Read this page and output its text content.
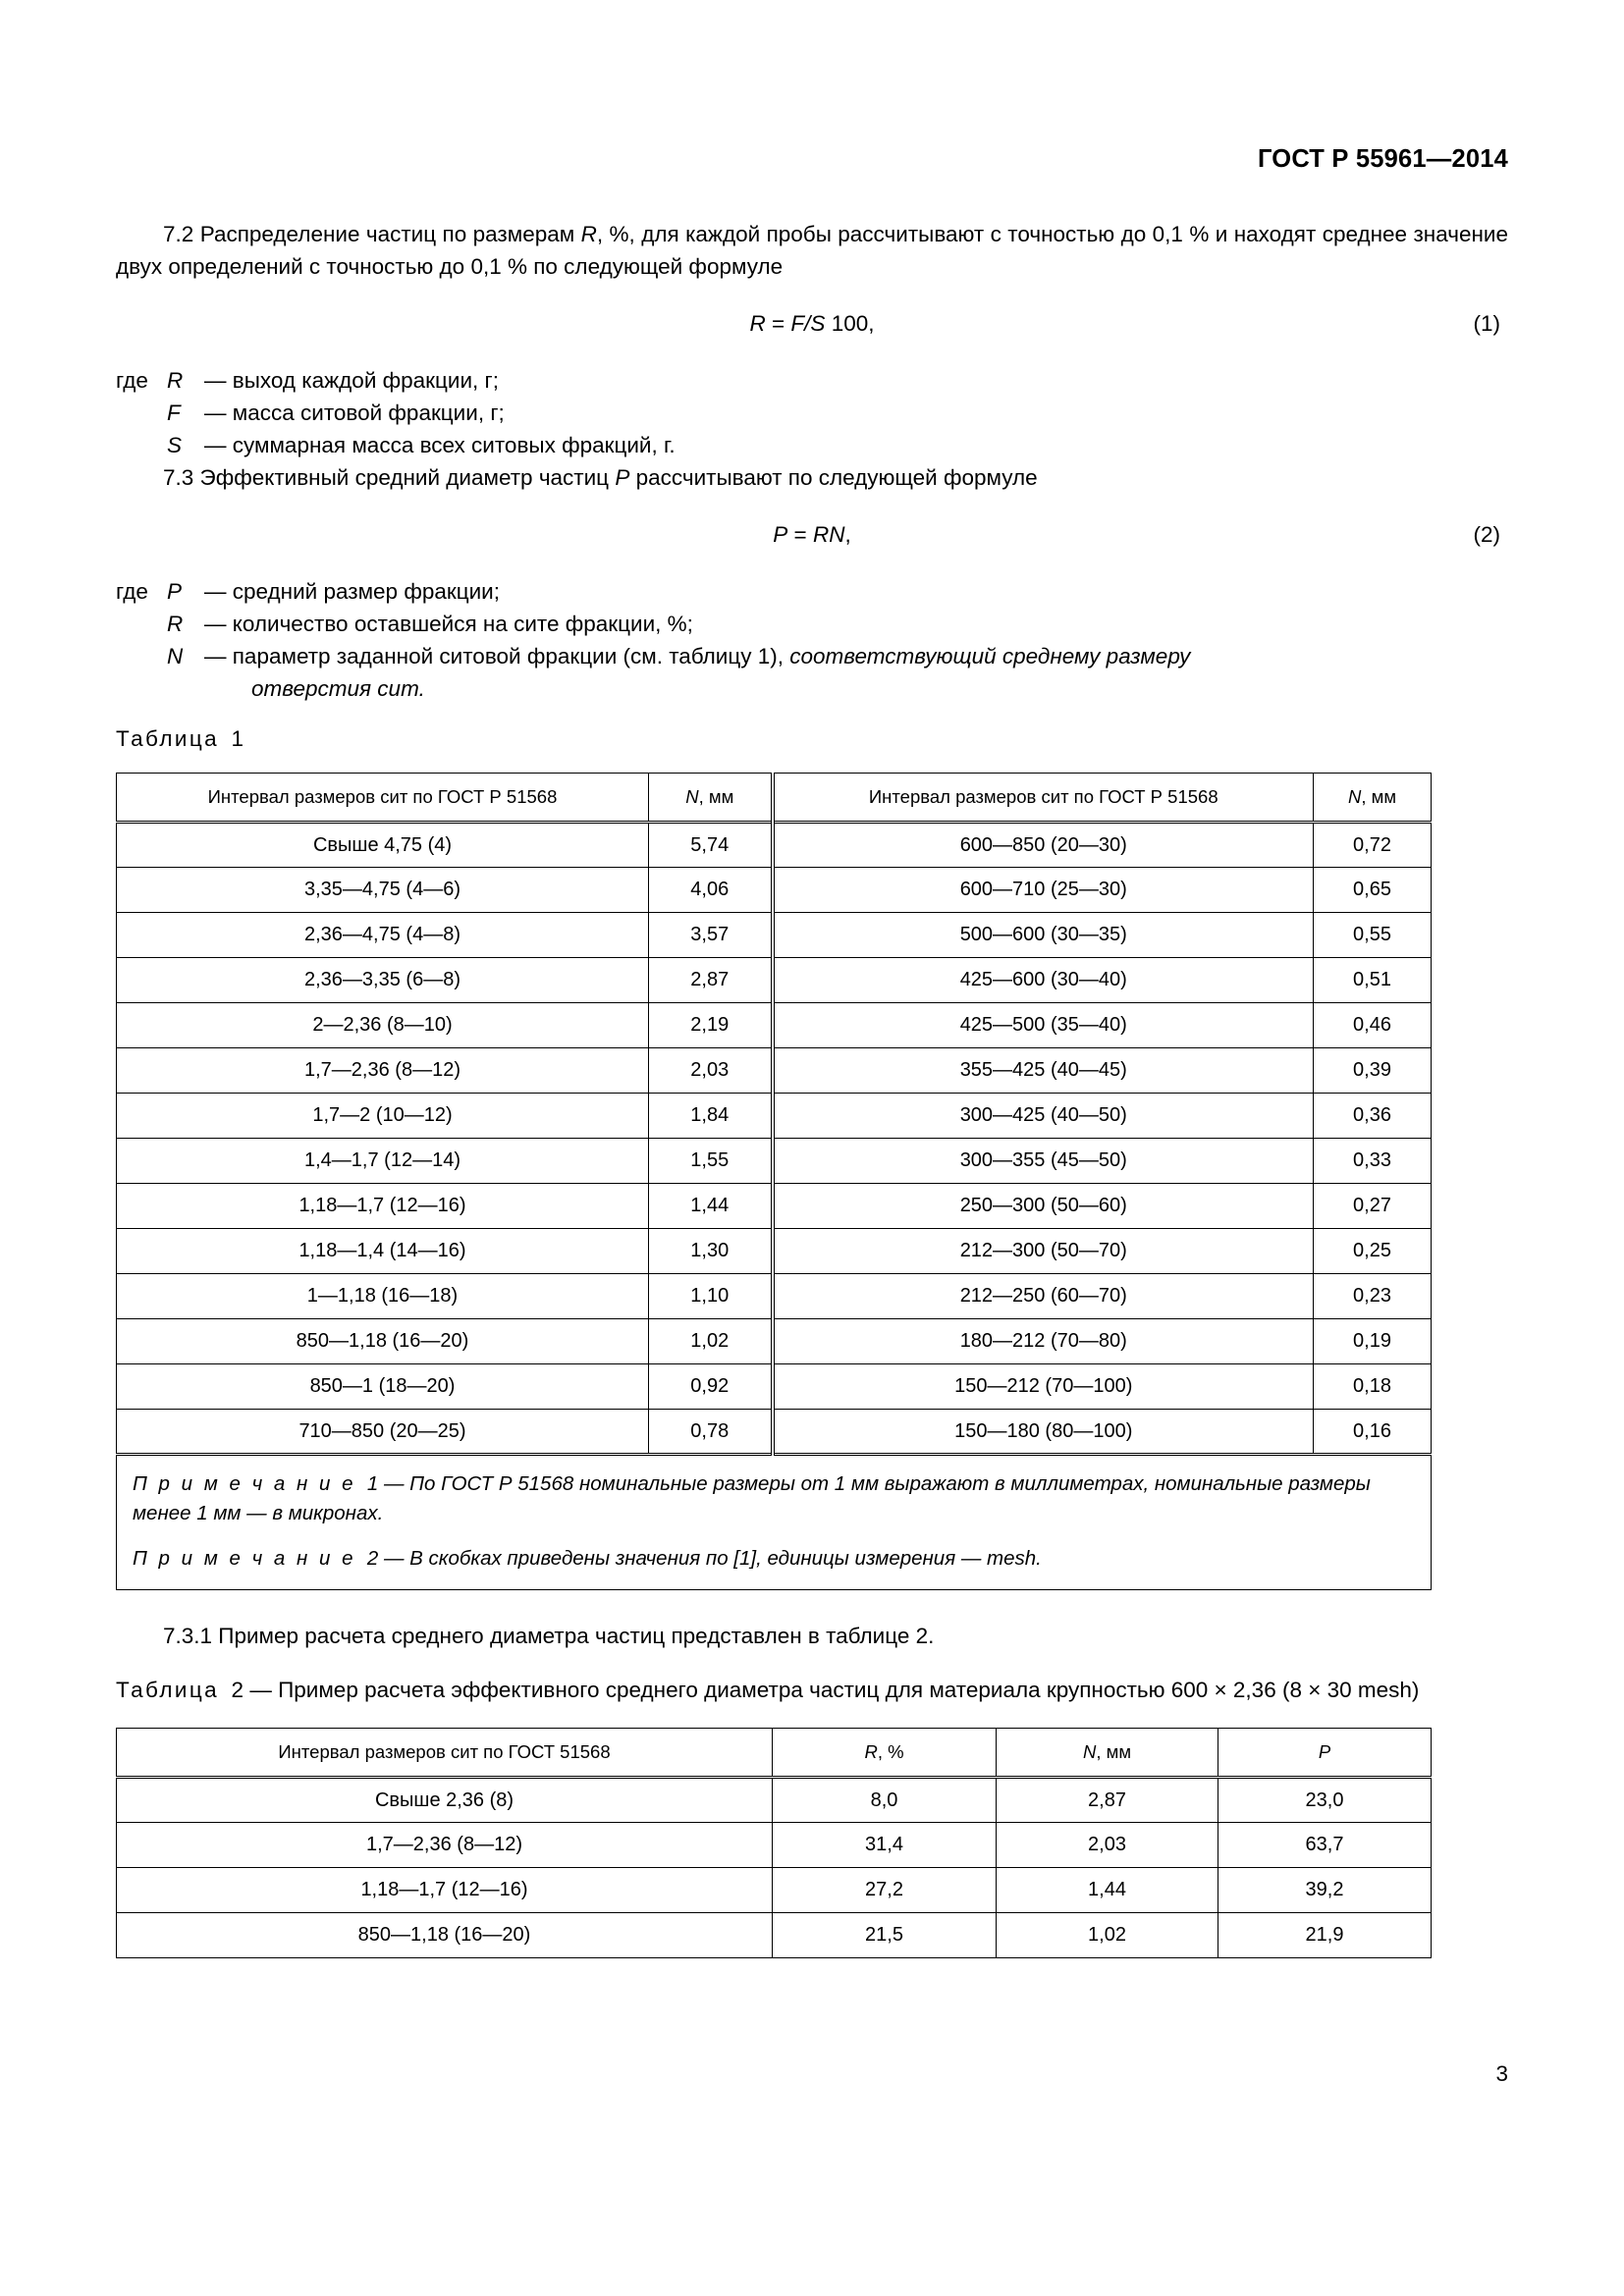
ГОСТ Р 55961—2014

7.2 Распределение частиц по размерам R, %, для каждой пробы рассчитывают с точностью до 0,1 % и находят среднее значение двух определений с точностью до 0,1 % по следующей формуле

R = F/S 100,	(1)
где R — выход каждой фракции, г;
F	— масса ситовой фракции, г;
S	— суммарная масса всех ситовых фракций, г.

7.3 Эффективный средний диаметр частиц P рассчитывают по следующей формуле

P = RN,	(2)
где P	— средний размер фракции;
R — количество оставшейся на сите фракции, %;
N — параметр заданной ситовой фракции (см. таблицу 1), соответствующий среднему размеру
отверстия сит.
Таблица 1
Интервал размеров сит по ГОСТ Р 51568	N, мм	Интервал размеров сит по ГОСТ Р 51568	N, мм
Свыше 4,75 (4)	5,74	600—850 (20—30)	0,72
3,35—4,75 (4—6)	4,06	600—710 (25—30)	0,65
2,36—4,75 (4—8)	3,57	500—600 (30—35)	0,55
2,36—3,35 (6—8)	2,87	425—600 (30—40)	0,51
2—2,36 (8—10)	2,19	425—500 (35—40)	0,46
1,7—2,36 (8—12)	2,03	355—425 (40—45)	0,39
1,7—2 (10—12)	1,84	300—425 (40—50)	0,36
1,4—1,7 (12—14)	1,55	300—355 (45—50)	0,33
1,18—1,7 (12—16)	1,44	250—300 (50—60)	0,27
1,18—1,4 (14—16)	1,30	212—300 (50—70)	0,25
1—1,18 (16—18)	1,10	212—250 (60—70)	0,23
850—1,18 (16—20)	1,02	180—212 (70—80)	0,19
850—1 (18—20)	0,92	150—212 (70—100)	0,18
710—850 (20—25)	0,78	150—180 (80—100)	0,16

П р и м е ч а н и е 1 — По ГОСТ Р 51568 номинальные размеры от 1 мм выражают в миллиметрах, номинальные размеры менее 1 мм — в микронах.
П р и м е ч а н и е 2 — В скобках приведены значения по [1], единицы измерения — mesh.			

7.3.1 Пример расчета среднего диаметра частиц представлен в таблице 2.

Таблица 2 — Пример расчета эффективного среднего диаметра частиц для материала крупностью 600 × 2,36 (8 × 30 mesh)
Интервал размеров сит по ГОСТ 51568	R, %	N, мм	P
Свыше 2,36 (8)	8,0	2,87	23,0
1,7—2,36 (8—12)	31,4	2,03	63,7
1,18—1,7 (12—16)	27,2	1,44	39,2
850—1,18 (16—20)	21,5	1,02	21,9
3
